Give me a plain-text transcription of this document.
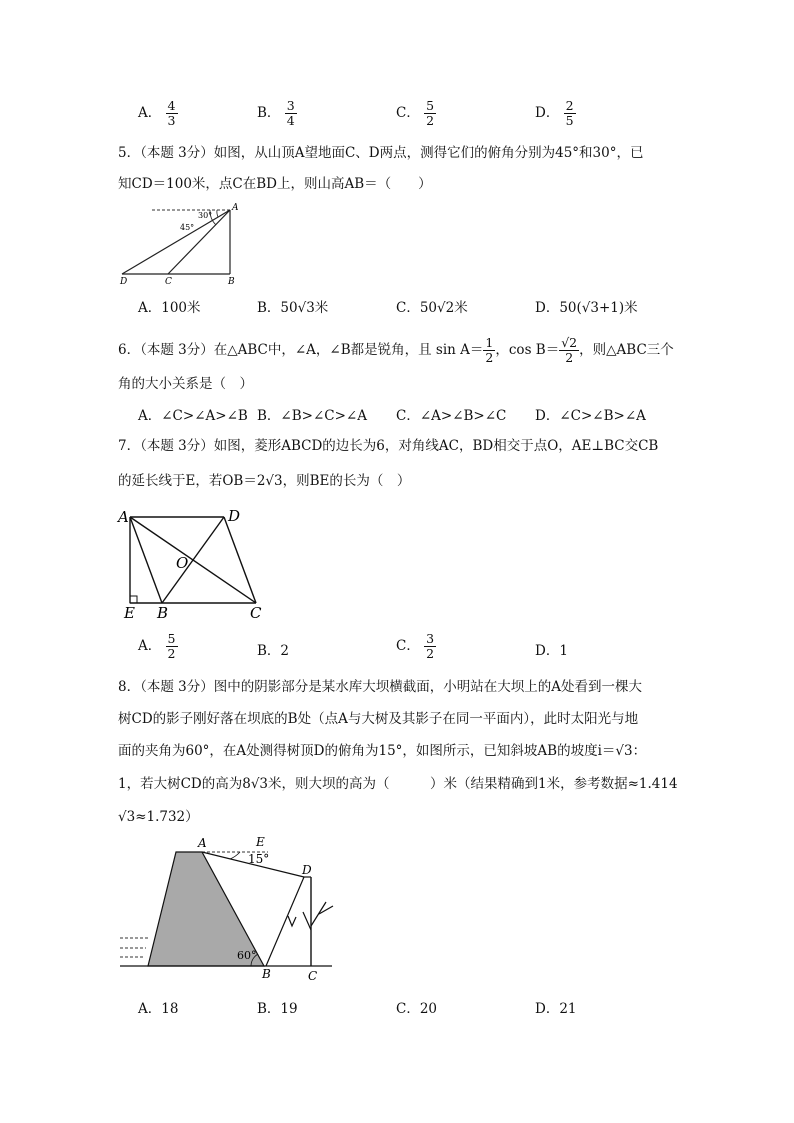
A． $\frac{4}{3}$	B． $\frac{3}{4}$	C． $\frac{5}{2}$	D． $\frac{2}{5}$
5．（本题 3分）如图，从山顶A望地面C、D两点，测得它们的俯角分别为45°和30°，已
知CD＝100米，点C在BD上，则山高AB＝（　　）
A
B
C
D
30°
45°
A．100米	B．50√3米	C．50√2米	D．50(√3+1)米
6．（本题 3分）在△ABC中，∠A，∠B都是锐角，且 $\sin A= \frac{1}{2}$ ，$\cos B= \frac{√2}{2}$ ，则△ABC三个
角的大小关系是（　）
A．∠C>∠A>∠B B．∠B>∠C>∠A C．∠A>∠B>∠C D．∠C>∠B>∠A
7．（本题 3分）如图，菱形ABCD的边长为6，对角线AC，BD相交于点O，AE⊥BC交CB
的延长线于E，若OB＝2√3，则BE的长为（　）
A	D
O
E B	C
A． $\frac{5}{2}$	B．2	C． $\frac{3}{2}$	D．1
8．（本题 3分）图中的阴影部分是某水库大坝横截面，小明站在大坝上的A处看到一棵大
树CD的影子刚好落在坝底的B处（点A与大树及其影子在同一平面内），此时太阳光与地
面的夹角为60°，在A处测得树顶D的俯角为15°，如图所示，已知斜坡AB的坡度i＝√3：
1，若大树CD的高为8√3米，则大坝的高为（　　　）米（结果精确到1米，参考数据≈1.414
√3≈1.732）
A	E
15°
D
60°
B	C
A．18	B．19	C．20	D．21
